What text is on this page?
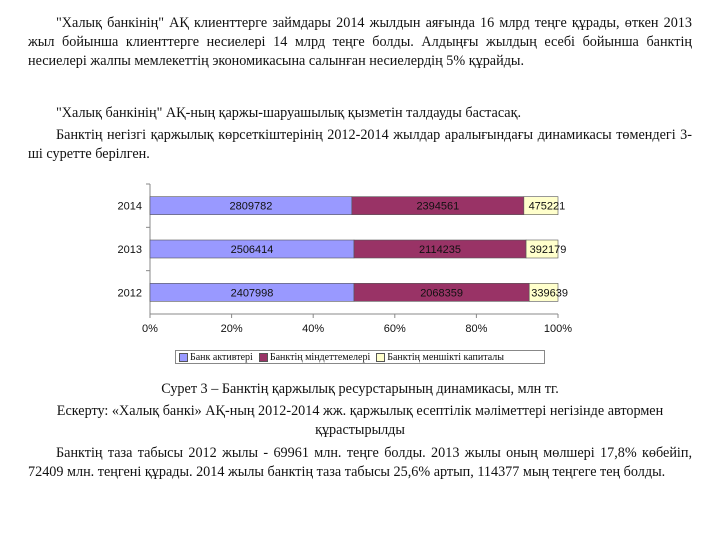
"Халық банкінің" АҚ клиенттерге займдары 2014 жылдын аяғында 16 млрд теңге құрады, өткен 2013 жыл бойынша клиенттерге несиелері 14 млрд теңге болды. Алдыңғы жылдың есебі бойынша банктің несиелері жалпы мемлекеттің экономикасына салынған несиелердің 5% құрайды.

"Халық банкінің" АҚ-ның қаржы-шаруашылық қызметін талдауды бастасақ.

Банктің негізгі қаржылық көрсеткіштерінің 2012-2014 жылдар аралығындағы динамикасы төмендегі 3-ші суретте берілген.

0%	20%	40%	60%	80%	100%
2014	2809782	2394561	475221
2013	2506414	2114235	392179
2012	2407998	2068359	339639
Банк активтері Банктің міндеттемелері Банктің меншікті капиталы

Сурет 3 – Банктің қаржылық ресурстарының динамикасы, млн тг.

Ескерту: «Халық банкі» АҚ-ның 2012-2014 жж. қаржылық есептілік мәліметтері негізінде автормен құрастырылды

Банктің таза табысы 2012 жылы - 69961 млн. теңге болды. 2013 жылы оның мөлшері 17,8% көбейіп, 72409 млн. теңгені құрады. 2014 жылы банктің таза табысы 25,6% артып, 114377 мың теңгеге тең болды.
